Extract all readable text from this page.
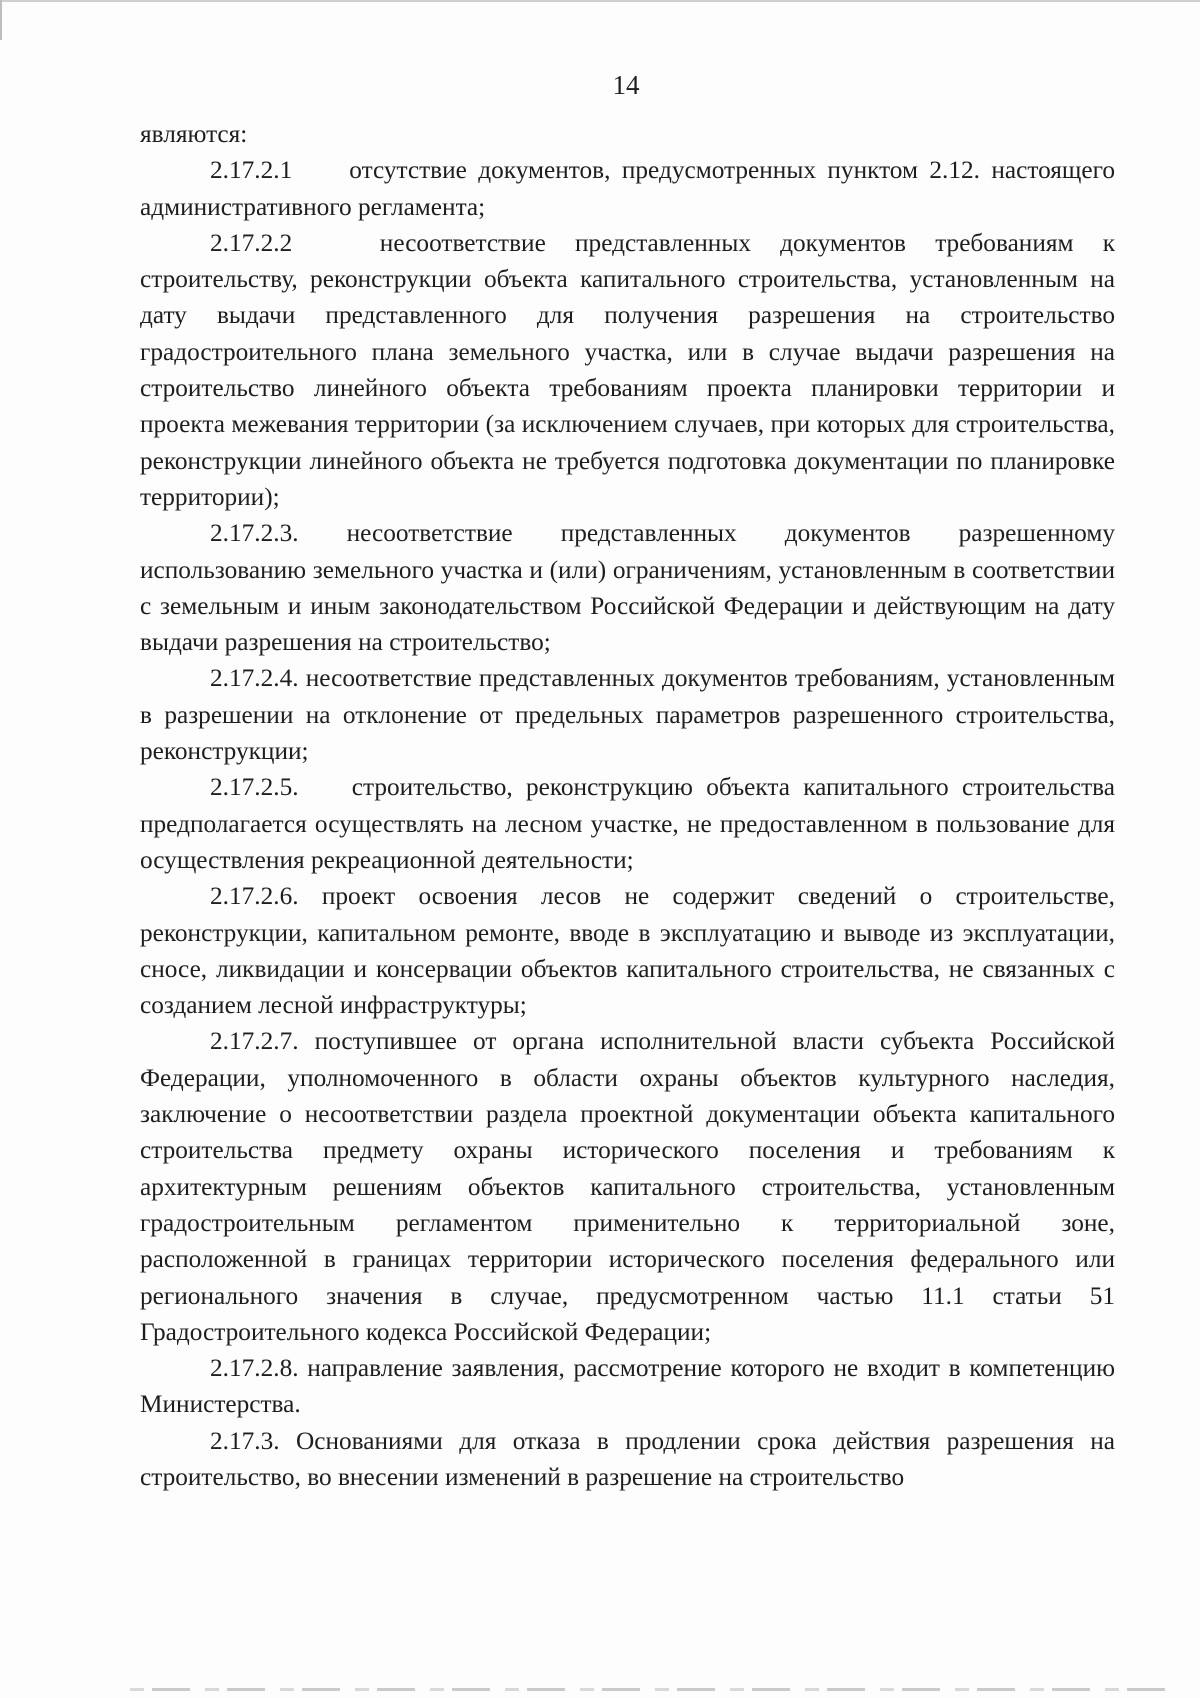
14

являются:

2.17.2.1 отсутствие документов, предусмотренных пунктом 2.12. настоящего административного регламента;

2.17.2.2	несоответствие представленных документов требованиям к строительству, реконструкции объекта капитального строительства, установленным на дату выдачи представленного для получения разрешения на строительство градостроительного плана земельного участка, или в случае выдачи разрешения на строительство линейного объекта требованиям проекта планировки территории и проекта межевания территории (за исключением случаев, при которых для строительства, реконструкции линейного объекта не требуется подготовка документации по планировке территории);

2.17.2.3. несоответствие представленных документов разрешенному использованию земельного участка и (или) ограничениям, установленным в соответствии с земельным и иным законодательством Российской Федерации и действующим на дату выдачи разрешения на строительство;

2.17.2.4. несоответствие представленных документов требованиям, установленным в разрешении на отклонение от предельных параметров разрешенного строительства, реконструкции;

2.17.2.5. строительство, реконструкцию объекта капитального строительства предполагается осуществлять на лесном участке, не предоставленном в пользование для осуществления рекреационной деятельности;

2.17.2.6. проект освоения лесов не содержит сведений о строительстве, реконструкции, капитальном ремонте, вводе в эксплуатацию и выводе из эксплуатации, сносе, ликвидации и консервации объектов капитального строительства, не связанных с созданием лесной инфраструктуры;

2.17.2.7. поступившее от органа исполнительной власти субъекта Российской Федерации, уполномоченного в области охраны объектов культурного наследия, заключение о несоответствии раздела проектной документации объекта капитального строительства предмету охраны исторического поселения и требованиям к архитектурным решениям объектов капитального строительства, установленным градостроительным регламентом применительно к территориальной зоне, расположенной в границах территории исторического поселения федерального или регионального значения в случае, предусмотренном частью 11.1 статьи 51 Градостроительного кодекса Российской Федерации;

2.17.2.8. направление заявления, рассмотрение которого не входит в компетенцию Министерства.

2.17.3. Основаниями для отказа в продлении срока действия разрешения на строительство, во внесении изменений в разрешение на строительство
